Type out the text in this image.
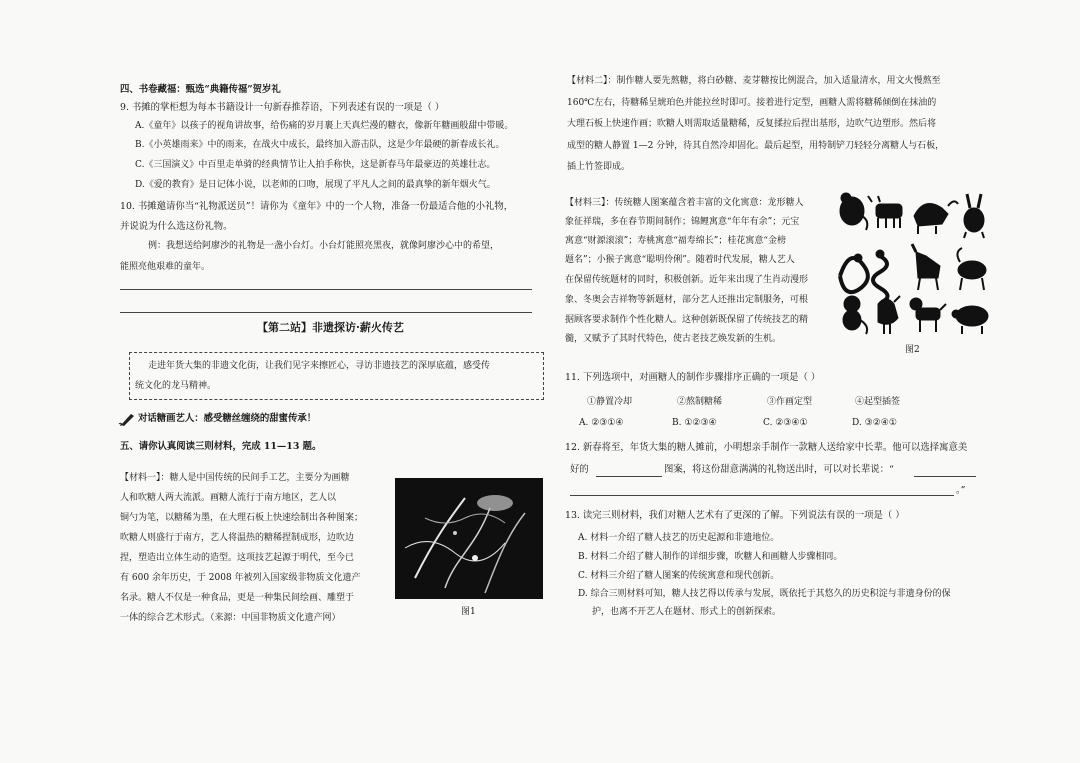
四、书卷藏福：甄选“典籍传福”贺岁礼
9. 书摊的掌柜想为每本书籍设计一句新春推荐语，下列表述有误的一项是（ ）
A.《童年》以孩子的视角讲故事，给伤痛的岁月裹上天真烂漫的糖衣，像新年糖画般甜中带暖。
B.《小英雄雨来》中的雨来，在战火中成长，最终加入游击队，这是少年最硬的新春成长礼。
C.《三国演义》中百里走单骑的经典情节让人拍手称快，这是新春马年最豪迈的英雄壮志。
D.《爱的教育》是日记体小说，以老师的口吻，展现了平凡人之间的最真挚的新年烟火气。
10. 书摊邀请你当“礼物派送员”！请你为《童年》中的一个人物，准备一份最适合他的小礼物，
并说说为什么选这份礼物。
例：我想送给阿廖沙的礼物是一盏小台灯。小台灯能照亮黑夜，就像阿廖沙心中的希望，
能照亮他艰难的童年。
【第二站】非遗探访·薪火传艺
走进年货大集的非遗文化街，让我们见字来擦匠心，寻访非遗技艺的深厚底蕴，感受传
统文化的龙马精神。
对话糖画艺人：感受糖丝缠绕的甜蜜传承！
五、请你认真阅读三则材料，完成 11—13 题。
【材料一】：糖人是中国传统的民间手工艺，主要分为画糖
人和吹糖人两大流派。画糖人流行于南方地区，艺人以
铜勺为笔，以糖稀为墨，在大理石板上快速绘制出各种图案；
吹糖人则盛行于南方，艺人将温热的糖稀捏制成形，边吹边
捏，塑造出立体生动的造型。这项技艺起源于明代，至今已
有 600 余年历史，于 2008 年被列入国家级非物质文化遗产
名录。糖人不仅是一种食品，更是一种集民间绘画、雕塑于
一体的综合艺术形式。（来源：中国非物质文化遗产网）
图1
【材料二】：制作糖人要先熬糖，将白砂糖、麦芽糖按比例混合，加入适量清水，用文火慢熬至
160℃左右，待糖稀呈琥珀色并能拉丝时即可。接着进行定型，画糖人需将糖稀倾倒在抹油的
大理石板上快速作画；吹糖人则需取适量糖稀，反复揉拉后捏出基形，边吹气边塑形。然后将
成型的糖人静置 1—2 分钟，待其自然冷却固化。最后起型，用特制铲刀轻轻分离糖人与石板，
插上竹签即成。
【材料三】：传统糖人图案蕴含着丰富的文化寓意：龙形糖人
象征祥瑞，多在春节期间制作；锦鲤寓意“年年有余”；元宝
寓意“财源滚滚”；寿桃寓意“福寿绵长”；桂花寓意“金榜
题名”；小猴子寓意“聪明伶俐”。随着时代发展，糖人艺人
在保留传统题材的同时，积极创新。近年来出现了生肖动漫形
象、冬奥会吉祥物等新题材，部分艺人还推出定制服务，可根
据顾客要求制作个性化糖人。这种创新既保留了传统技艺的精
髓，又赋予了其时代特色，使古老技艺焕发新的生机。
图2
11. 下列选项中，对画糖人的制作步骤排序正确的一项是（ ）
①静置冷却	②熬制糖稀	③作画定型	④起型插签
A. ②③①④	B. ①②③④	C. ②③④①	D. ③②④①
12. 新春将至，年货大集的糖人摊前，小明想亲手制作一款糖人送给家中长辈。他可以选择寓意美
好的	图案，将这份甜意满满的礼物送出时，可以对长辈说：“
。”
13. 读完三则材料，我们对糖人艺术有了更深的了解。下列说法有误的一项是（ ）
A. 材料一介绍了糖人技艺的历史起源和非遗地位。
B. 材料二介绍了糖人制作的详细步骤，吹糖人和画糖人步骤相同。
C. 材料三介绍了糖人图案的传统寓意和现代创新。
D. 综合三则材料可知，糖人技艺得以传承与发展，既依托于其悠久的历史积淀与非遗身份的保
护，也离不开艺人在题材、形式上的创新探索。
